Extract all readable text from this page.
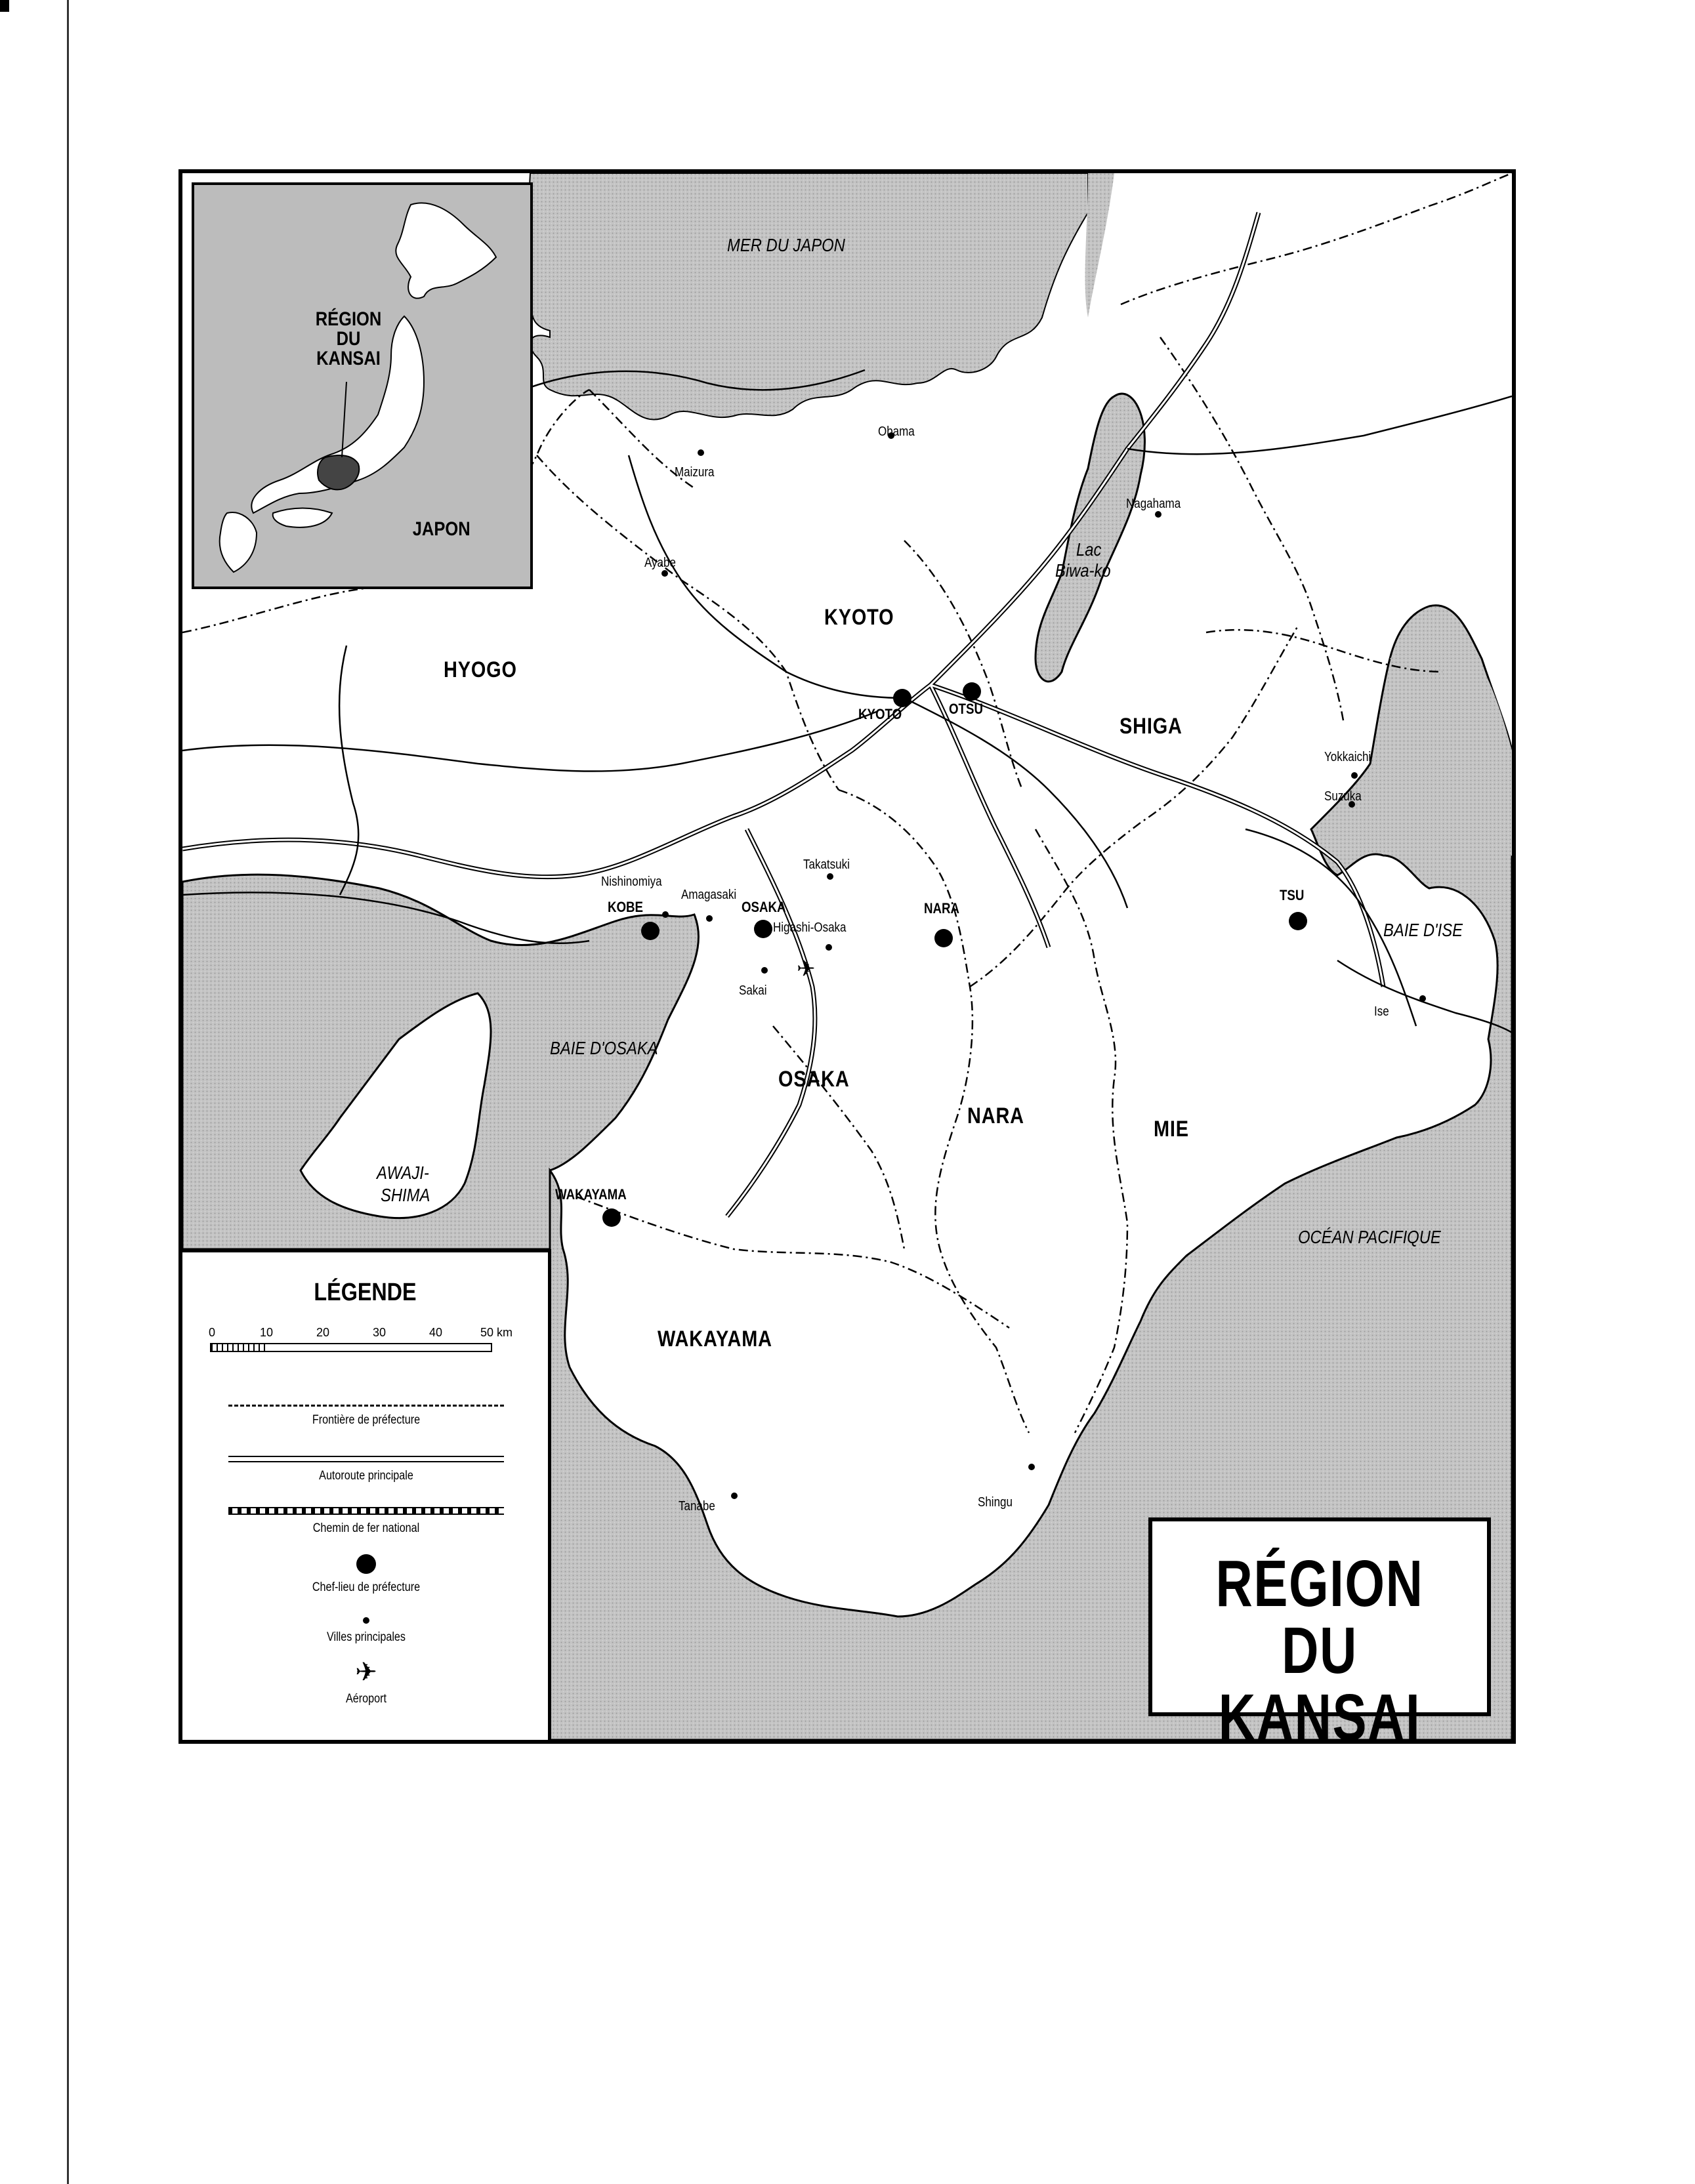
RÉGION
DU
KANSAI
JAPON
MER DU JAPON
BAIE D'OSAKA
BAIE D'ISE
OCÉAN PACIFIQUE
Lac
Biwa-ko
AWAJI-
SHIMA
KYOTO
HYOGO
SHIGA
OSAKA
NARA
MIE
WAKAYAMA
KYOTO	OTSU
KOBE	OSAKA	NARA
TSU
WAKAYAMA
Maizura
Obama
Nagahama
Ayabe
Takatsuki
Nishinomiya
Amagasaki
Higashi-Osaka
Sakai
Yokkaichi
Suzuka
Ise
Tanabe	Shingu
✈
LÉGENDE
0	10	20	30	40	50 km
Frontière de préfecture
Autoroute principale
Chemin de fer national
Chef-lieu de préfecture
Villes principales
✈
Aéroport
RÉGION DU
KANSAI
